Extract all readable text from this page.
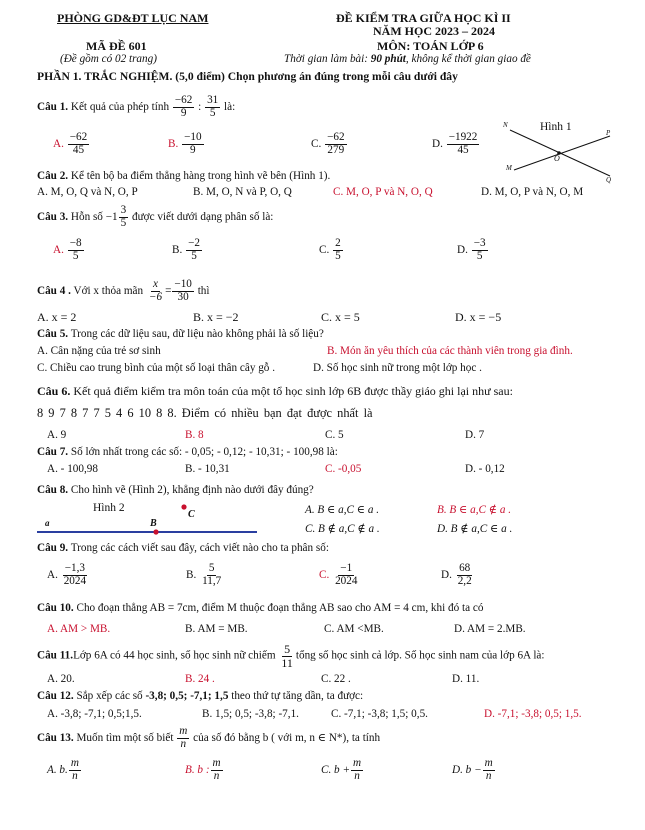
PHÒNG GD&ĐT LỤC NAM	ĐỀ KIỂM TRA GIỮA HỌC KÌ II
NĂM HỌC 2023 – 2024
MÃ ĐỀ 601	MÔN: TOÁN LỚP 6
(Đề gồm có 02 trang)	Thời gian làm bài: 90 phút, không kể thời gian giao đề
PHẦN 1. TRẮC NGHIỆM. (5,0 điểm) Chọn phương án đúng trong mỗi câu dưới đây
Câu 1. Kết quả của phép tính $\frac{-62}{9}$ : $\frac{31}{5}$ là:
A. $\frac{-62}{45}$	B. $\frac{-10}{9}$	C. $\frac{-62}{279}$	D. $\frac{-1922}{45}$
Hình 1
N
P
O
M
Q
Câu 2. Kể tên bộ ba điểm thẳng hàng trong hình vẽ bên (Hình 1).
A. M, O, Q và N, O, P	B. M, O, N và P, O, Q	C. M, O, P và N, O, Q	D. M, O, P và N, O, M
Câu 3. Hỗn số $-1 \frac{3}{5}$ được viết dưới dạng phân số là:
A. $\frac{-8}{5}$	B. $\frac{-2}{5}$	C. $\frac{2}{5}$	D. $\frac{-3}{5}$
Câu 4 . Với x thỏa mãn $\frac{x}{-6} = \frac{-10}{30}$ thì
A. x = 2	B. x = −2	C. x = 5	D. x = −5
Câu 5. Trong các dữ liệu sau, dữ liệu nào không phải là số liệu?
A. Cân nặng của trẻ sơ sinh	B. Món ăn yêu thích của các thành viên trong gia đình.
C. Chiều cao trung bình của một số loại thân cây gỗ .	D. Số học sinh nữ trong một lớp học .
Câu 6. Kết quả điểm kiểm tra môn toán của một tổ học sinh lớp 6B được thầy giáo ghi lại như sau:
8 9 7 8 7 7 5 4 6 10 8 8. Điểm có nhiều bạn đạt được nhất là
A. 9	B. 8	C. 5	D. 7
Câu 7. Số lớn nhất trong các số: - 0,05; - 0,12; - 10,31; - 100,98 là:
A. - 100,98	B. - 10,31	C. -0,05	D. - 0,12
Câu 8. Cho hình vẽ (Hình 2), khẳng định nào dưới đây đúng?
Hình 2
C
a	B
A. B ∈ a,C ∈ a .	B. B ∈ a,C ∉ a .
C. B ∉ a,C ∉ a .	D. B ∉ a,C ∈ a .
Câu 9. Trong các cách viết sau đây, cách viết nào cho ta phân số:
A. $\frac{-1,3}{2024}$	B. $\frac{5}{11,7}$	C. $\frac{-1}{2024}$	D. $\frac{68}{2,2}$
Câu 10. Cho đoạn thẳng AB = 7cm, điểm M thuộc đoạn thẳng AB sao cho AM = 4 cm, khi đó ta có
A. AM > MB.	B. AM = MB.	C. AM <MB.	D. AM = 2.MB.
Câu 11.Lớp 6A có 44 học sinh, số học sinh nữ chiếm $\frac{5}{11}$ tổng số học sinh cả lớp. Số học sinh nam của lớp 6A là:
A. 20.	B. 24 .	C. 22 .	D. 11.
Câu 12. Sắp xếp các số -3,8; 0,5; -7,1; 1,5 theo thứ tự tăng dần, ta được:
A. -3,8; -7,1; 0,5;1,5.	B. 1,5; 0,5; -3,8; -7,1.	C. -7,1; -3,8; 1,5; 0,5.	D. -7,1; -3,8; 0,5; 1,5.
Câu 13. Muốn tìm một số biết $\frac{m}{n}$ của số đó bằng b ( với m, n ∈ N*), ta tính
A. b. $\frac{m}{n}$	B. b : $\frac{m}{n}$	C. $b + \frac{m}{n}$	D. $b - \frac{m}{n}$
